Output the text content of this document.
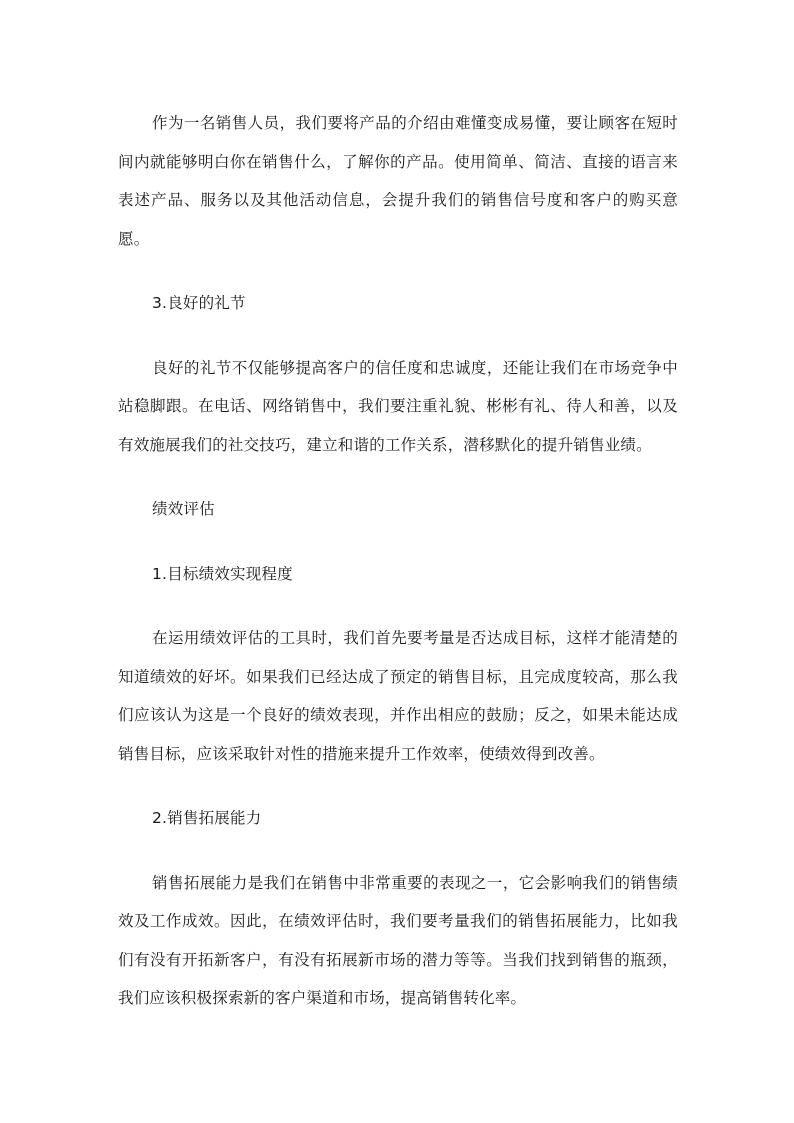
作为一名销售人员，我们要将产品的介绍由难懂变成易懂，要让顾客在短时间内就能够明白你在销售什么，了解你的产品。使用简单、简洁、直接的语言来表述产品、服务以及其他活动信息，会提升我们的销售信号度和客户的购买意愿。

3.良好的礼节

良好的礼节不仅能够提高客户的信任度和忠诚度，还能让我们在市场竞争中站稳脚跟。在电话、网络销售中，我们要注重礼貌、彬彬有礼、待人和善，以及有效施展我们的社交技巧，建立和谐的工作关系，潜移默化的提升销售业绩。

绩效评估

1.目标绩效实现程度

在运用绩效评估的工具时，我们首先要考量是否达成目标，这样才能清楚的知道绩效的好坏。如果我们已经达成了预定的销售目标，且完成度较高，那么我们应该认为这是一个良好的绩效表现，并作出相应的鼓励；反之，如果未能达成销售目标，应该采取针对性的措施来提升工作效率，使绩效得到改善。

2.销售拓展能力

销售拓展能力是我们在销售中非常重要的表现之一，它会影响我们的销售绩效及工作成效。因此，在绩效评估时，我们要考量我们的销售拓展能力，比如我们有没有开拓新客户，有没有拓展新市场的潜力等等。当我们找到销售的瓶颈，我们应该积极探索新的客户渠道和市场，提高销售转化率。
